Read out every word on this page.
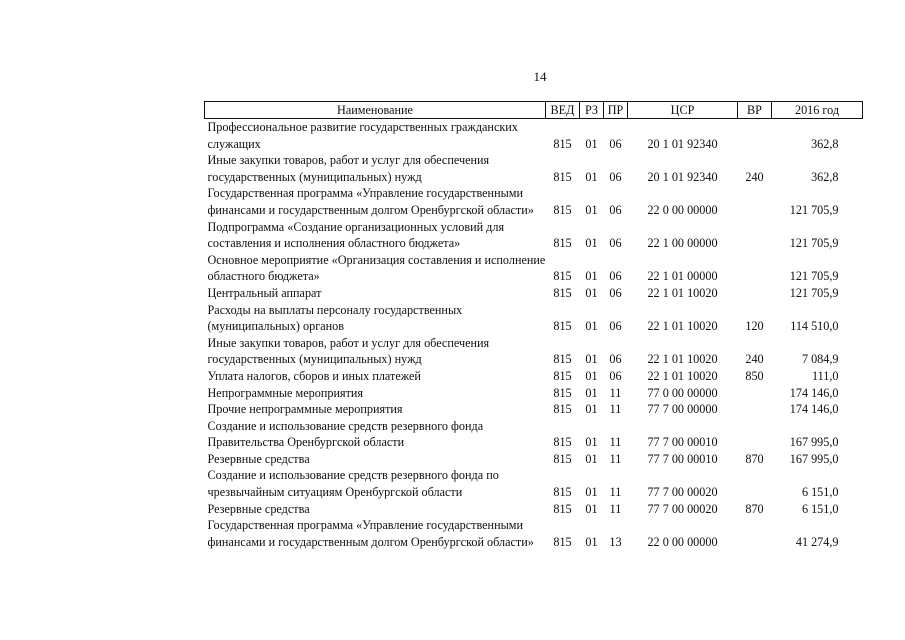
14
Наименование	ВЕД	РЗ	ПР	ЦСР	ВР	2016 год
Профессиональное развитие государственных гражданских служащих	815	01	06	20 1 01 92340		362,8
Иные закупки товаров, работ и услуг для обеспечения государственных (муниципальных) нужд	815	01	06	20 1 01 92340	240	362,8
Государственная программа «Управление государственными финансами и государственным долгом Оренбургской области»	815	01	06	22 0 00 00000		121 705,9
Подпрограмма «Создание организационных условий для составления и исполнения областного бюджета»	815	01	06	22 1 00 00000		121 705,9
Основное мероприятие «Организация составления и исполнение областного бюджета»	815	01	06	22 1 01 00000		121 705,9
Центральный аппарат	815	01	06	22 1 01 10020		121 705,9
Расходы на выплаты персоналу государственных (муниципальных) органов	815	01	06	22 1 01 10020	120	114 510,0
Иные закупки товаров, работ и услуг для обеспечения государственных (муниципальных) нужд	815	01	06	22 1 01 10020	240	7 084,9
Уплата налогов, сборов и иных платежей	815	01	06	22 1 01 10020	850	111,0
Непрограммные мероприятия	815	01	11	77 0 00 00000		174 146,0
Прочие непрограммные мероприятия	815	01	11	77 7 00 00000		174 146,0
Создание и использование средств резервного фонда Правительства Оренбургской области	815	01	11	77 7 00 00010		167 995,0
Резервные средства	815	01	11	77 7 00 00010	870	167 995,0
Создание и использование средств резервного фонда по чрезвычайным ситуациям Оренбургской области	815	01	11	77 7 00 00020		6 151,0
Резервные средства	815	01	11	77 7 00 00020	870	6 151,0
Государственная программа «Управление государственными финансами и государственным долгом Оренбургской области»	815	01	13	22 0 00 00000		41 274,9
